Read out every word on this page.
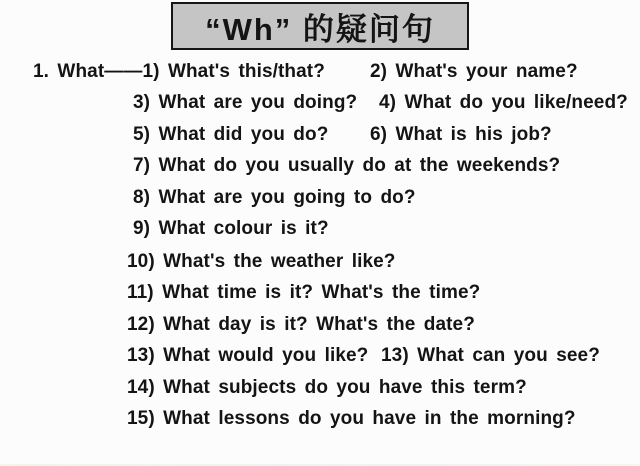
“Wh” 的疑问句
1. What——1) What's this/that? 2) What's your name?
3) What are you doing? 4) What do you like/need?
5) What did you do? 6) What is his job?
7) What do you usually do at the weekends?
8) What are you going to do?
9) What colour is it?
10) What's the weather like?
11) What time is it? What's the time?
12) What day is it? What's the date?
13) What would you like? 13) What can you see?
14) What subjects do you have this term?
15) What lessons do you have in the morning?
